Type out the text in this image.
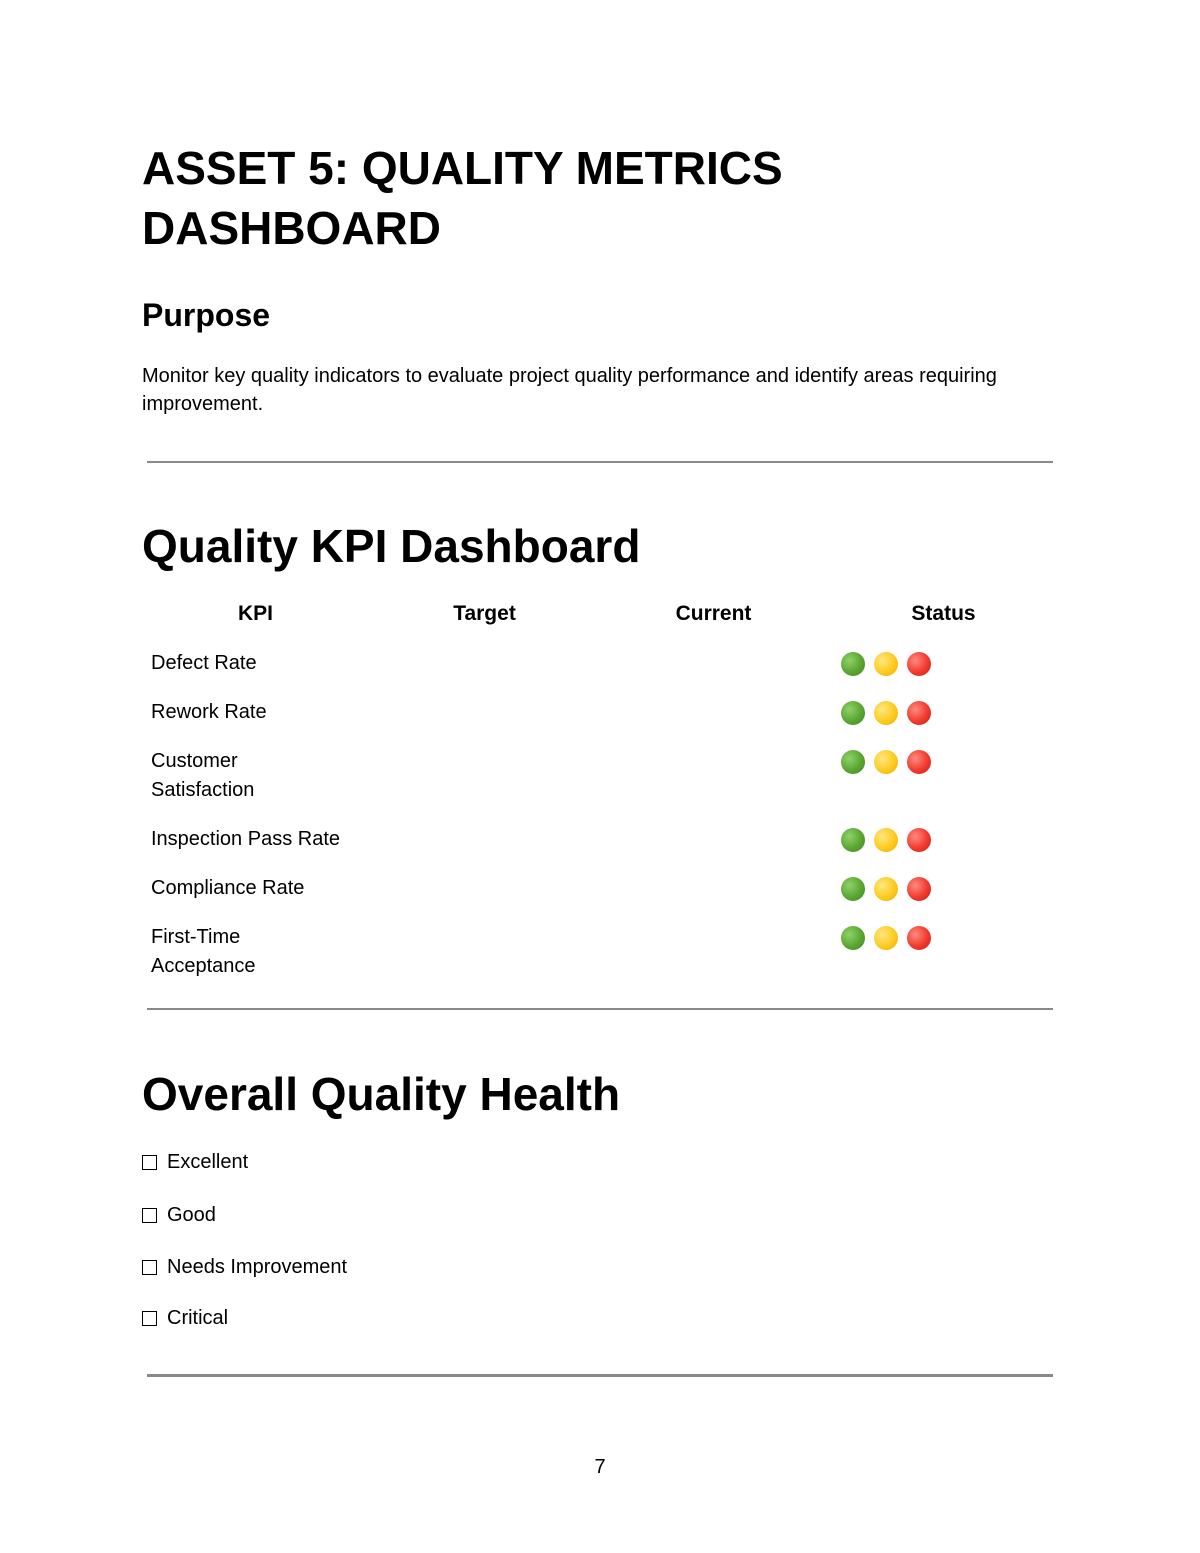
ASSET 5: QUALITY METRICS DASHBOARD
Purpose

Monitor key quality indicators to evaluate project quality performance and identify areas requiring improvement.

Quality KPI Dashboard
KPI	Target	Current	Status
Defect Rate
Rework Rate
Customer Satisfaction
Inspection Pass Rate
Compliance Rate
First-Time Acceptance
Overall Quality Health
Excellent
Good
Needs Improvement
Critical
7
